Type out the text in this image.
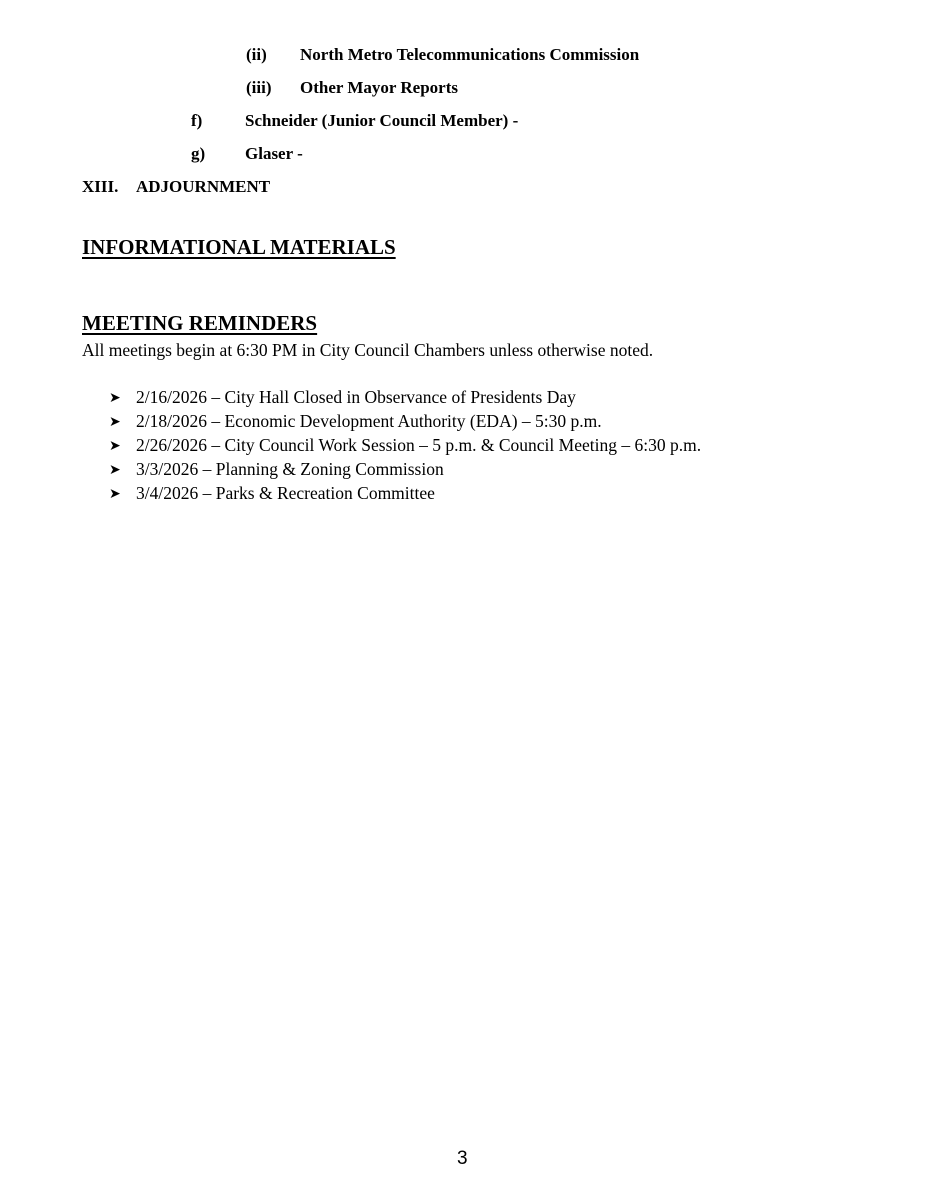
(ii) North Metro Telecommunications Commission
(iii) Other Mayor Reports
f)	Schneider (Junior Council Member) -
g) Glaser -
XIII. ADJOURNMENT
INFORMATIONAL MATERIALS
MEETING REMINDERS
All meetings begin at 6:30 PM in City Council Chambers unless otherwise noted.
➤ 2/16/2026 – City Hall Closed in Observance of Presidents Day
➤ 2/18/2026 – Economic Development Authority (EDA) – 5:30 p.m.
➤ 2/26/2026 – City Council Work Session – 5 p.m. & Council Meeting – 6:30 p.m.
➤ 3/3/2026 – Planning & Zoning Commission
➤ 3/4/2026 – Parks & Recreation Committee
3
